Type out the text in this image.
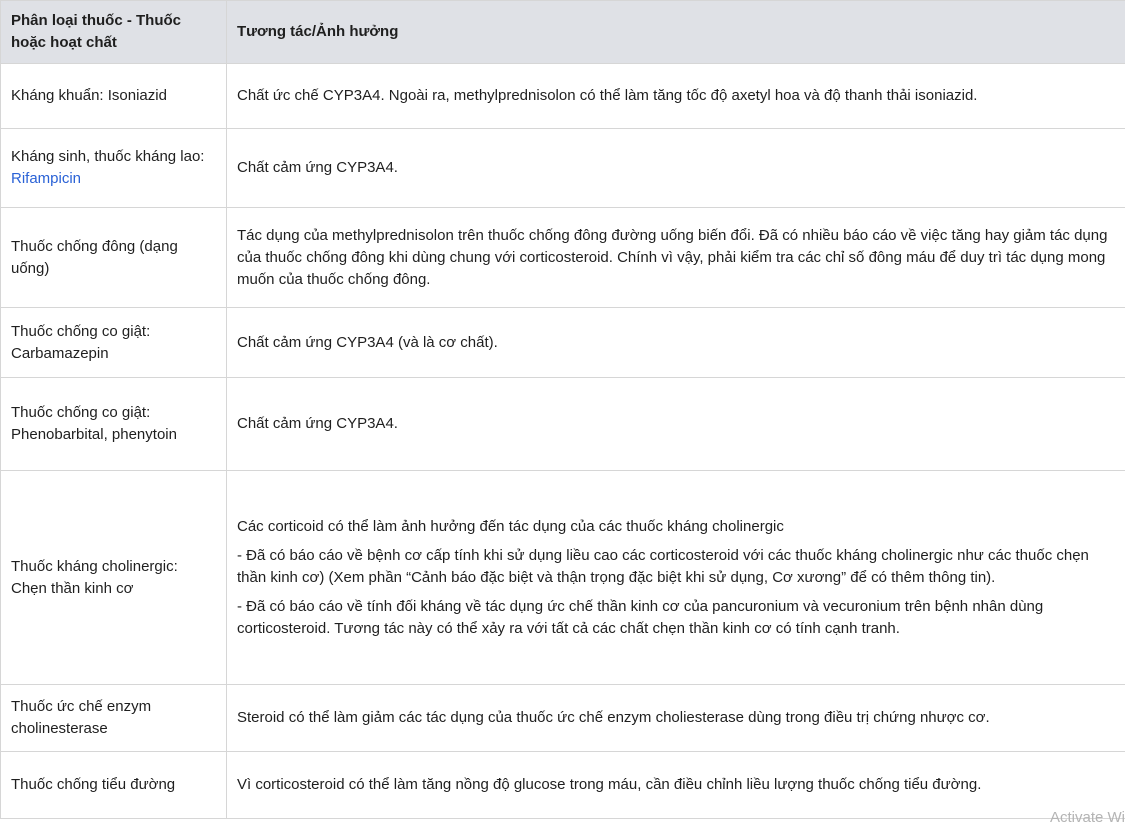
Phân loại thuốc - Thuốc hoặc hoạt chất	Tương tác/Ảnh hưởng
Kháng khuẩn: Isoniazid	Chất ức chế CYP3A4. Ngoài ra, methylprednisolon có thể làm tăng tốc độ axetyl hoa và độ thanh thải isoniazid.

Kháng sinh, thuốc kháng lao: Rifampicin	Chất cảm ứng CYP3A4.

Thuốc chống đông (dạng uống)	Tác dụng của methylprednisolon trên thuốc chống đông đường uống biến đổi. Đã có nhiều báo cáo về việc tăng hay giảm tác dụng của thuốc chống đông khi dùng chung với corticosteroid. Chính vì vậy, phải kiểm tra các chỉ số đông máu để duy trì tác dụng mong muốn của thuốc chống đông.

Thuốc chống co giật: Carbamazepin	Chất cảm ứng CYP3A4 (và là cơ chất).

Thuốc chống co giật: Phenobarbital, phenytoin	Chất cảm ứng CYP3A4.

Thuốc kháng cholinergic: Chẹn thần kinh cơ	Các corticoid có thể làm ảnh hưởng đến tác dụng của các thuốc kháng cholinergic

- Đã có báo cáo về bệnh cơ cấp tính khi sử dụng liều cao các corticosteroid với các thuốc kháng cholinergic như các thuốc chẹn thần kinh cơ) (Xem phần “Cảnh báo đặc biệt và thận trọng đặc biệt khi sử dụng, Cơ xương” để có thêm thông tin).

- Đã có báo cáo về tính đối kháng về tác dụng ức chế thần kinh cơ của pancuronium và vecuronium trên bệnh nhân dùng corticosteroid. Tương tác này có thể xảy ra với tất cả các chất chẹn thần kinh cơ có tính cạnh tranh.

Thuốc ức chế enzym cholinesterase	Steroid có thể làm giảm các tác dụng của thuốc ức chế enzym choliesterase dùng trong điều trị chứng nhược cơ.

Thuốc chống tiểu đường	Vì corticosteroid có thể làm tăng nồng độ glucose trong máu, cần điều chỉnh liều lượng thuốc chống tiểu đường.

Activate Wi
